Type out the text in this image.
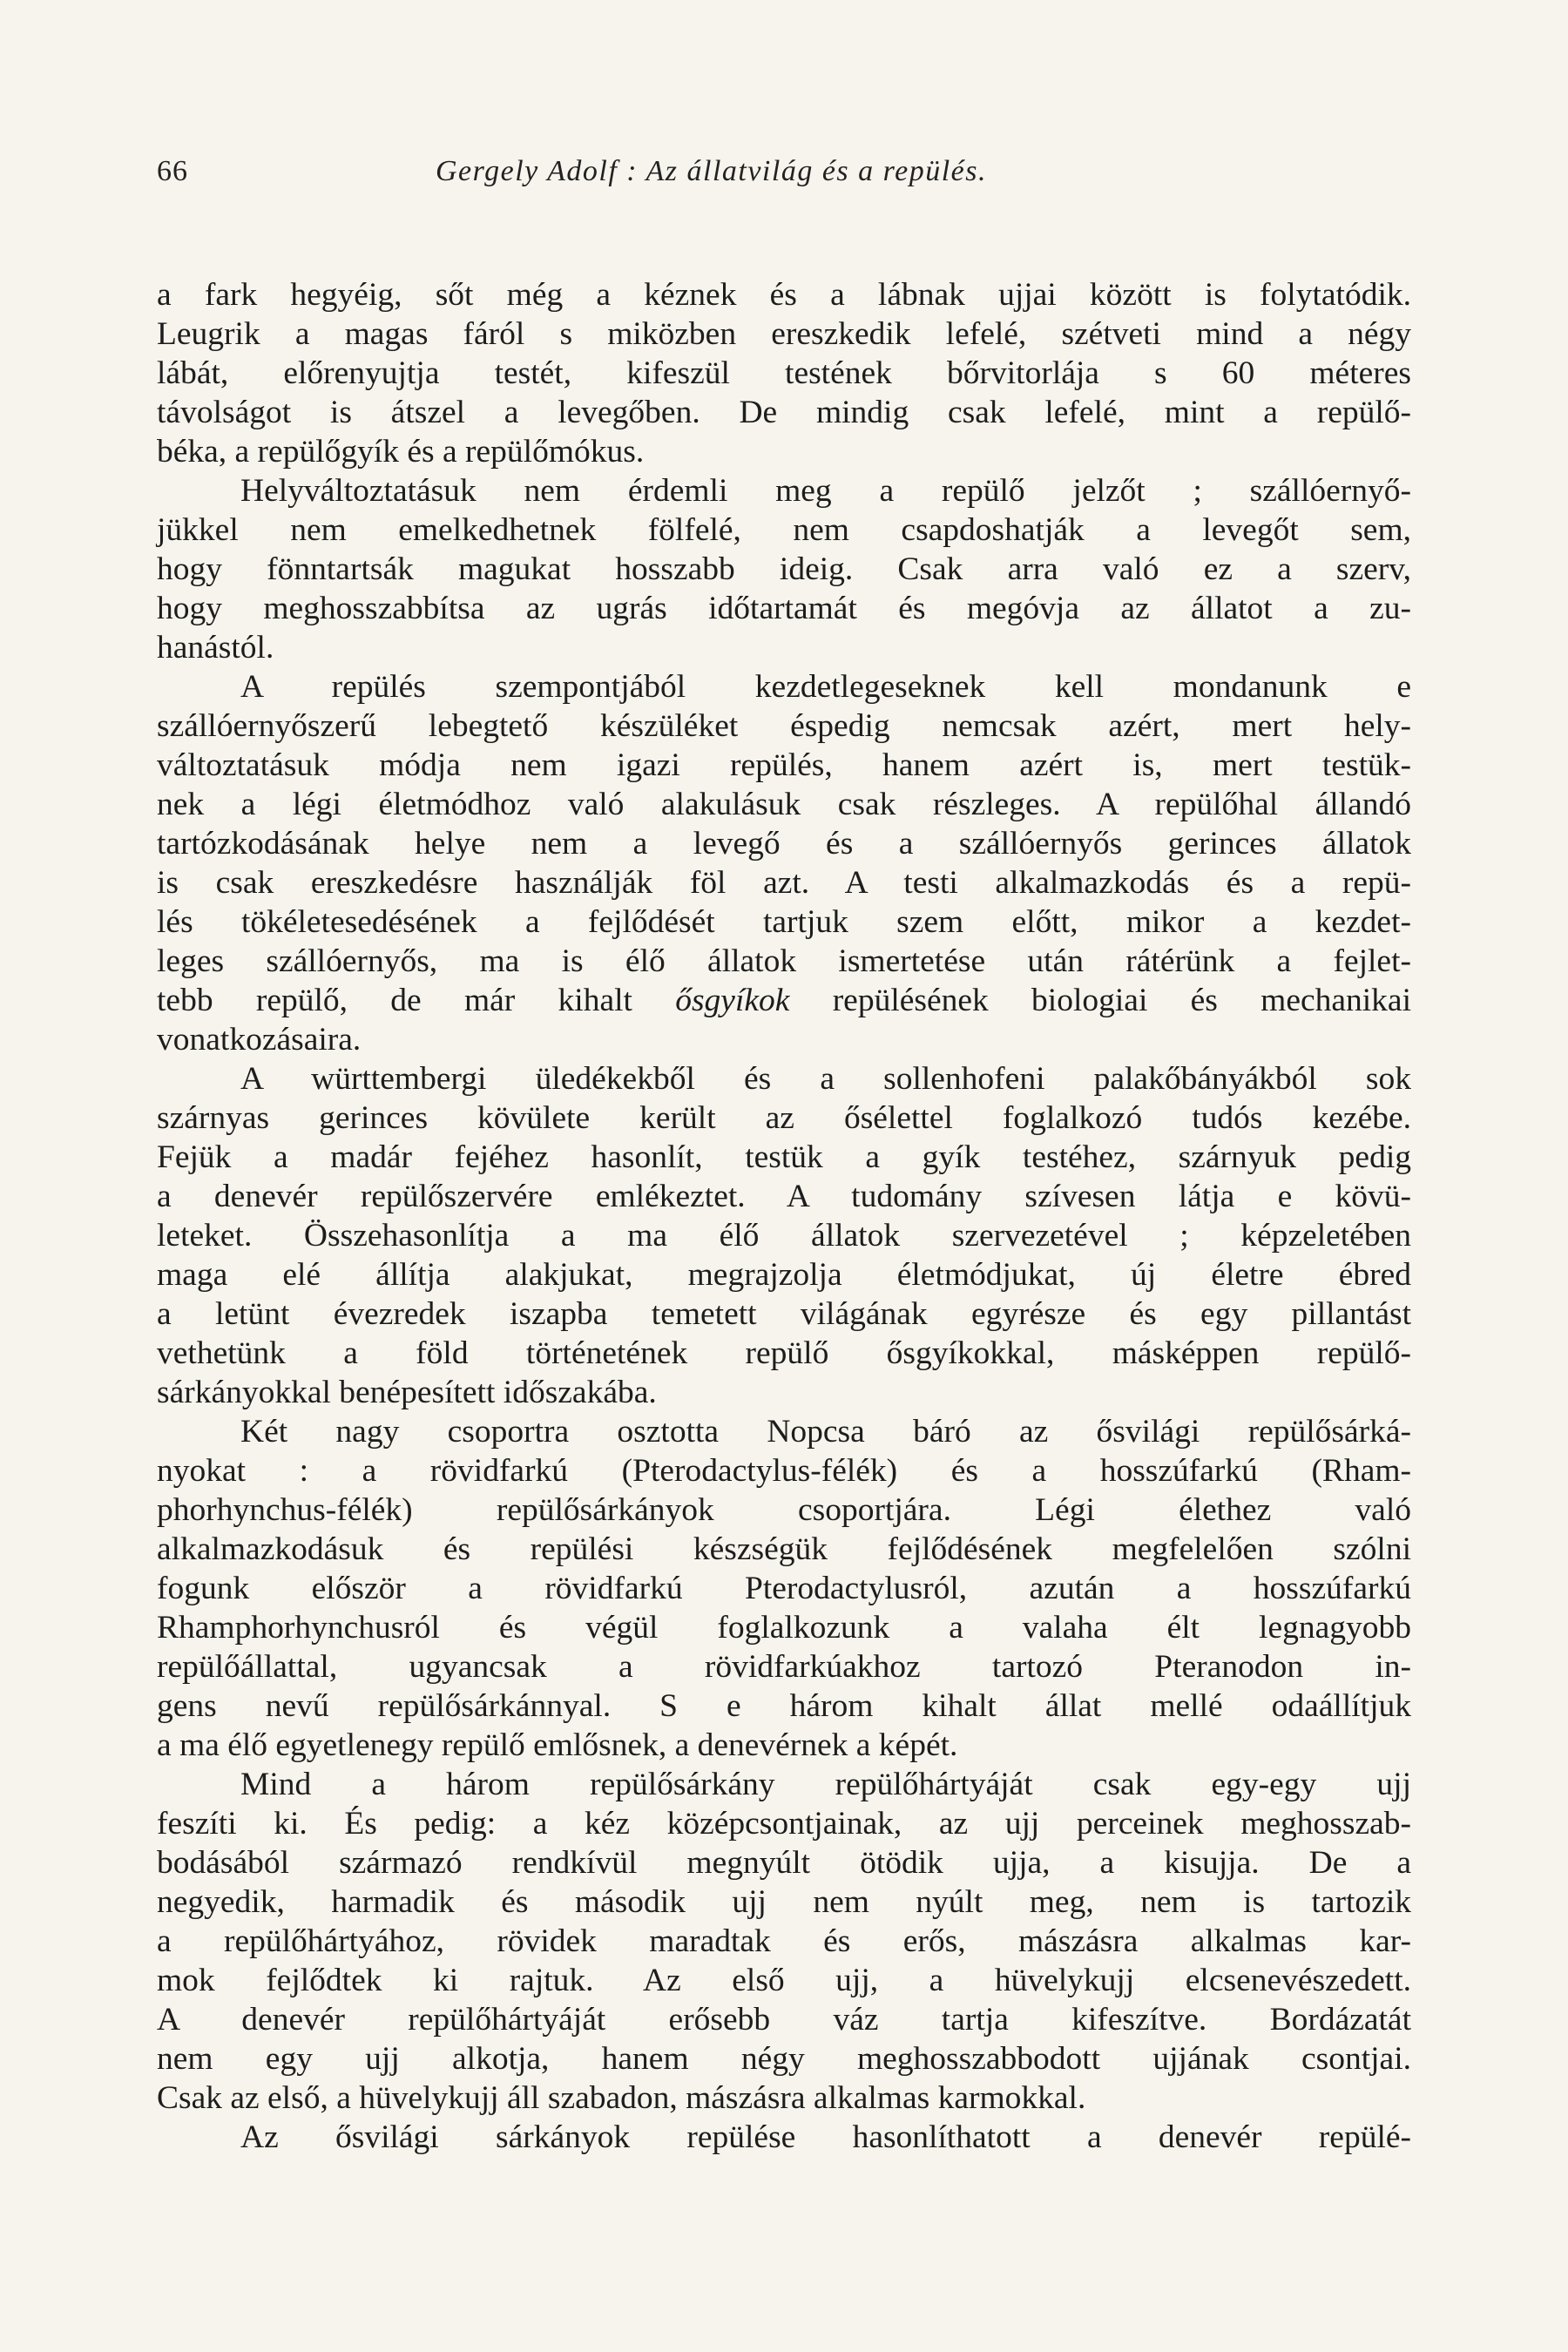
66	Gergely Adolf : Az állatvilág és a repülés.
a fark hegyéig, sőt még a kéznek és a lábnak ujjai között is folytatódik.
Leugrik a magas fáról s miközben ereszkedik lefelé, szétveti mind a négy
lábát, előrenyujtja testét, kifeszül testének bőrvitorlája s 60 méteres
távolságot is átszel a levegőben. De mindig csak lefelé, mint a repülő-
béka, a repülőgyík és a repülőmókus.
Helyváltoztatásuk nem érdemli meg a repülő jelzőt ; szállóernyő-
jükkel nem emelkedhetnek fölfelé, nem csapdoshatják a levegőt sem,
hogy fönntartsák magukat hosszabb ideig. Csak arra való ez a szerv,
hogy meghosszabbítsa az ugrás időtartamát és megóvja az állatot a zu-
hanástól.
A repülés szempontjából kezdetlegeseknek kell mondanunk e
szállóernyőszerű lebegtető készüléket éspedig nemcsak azért, mert hely-
változtatásuk módja nem igazi repülés, hanem azért is, mert testük-
nek a légi életmódhoz való alakulásuk csak részleges. A repülőhal állandó
tartózkodásának helye nem a levegő és a szállóernyős gerinces állatok
is csak ereszkedésre használják föl azt. A testi alkalmazkodás és a repü-
lés tökéletesedésének a fejlődését tartjuk szem előtt, mikor a kezdet-
leges szállóernyős, ma is élő állatok ismertetése után rátérünk a fejlet-
tebb repülő, de már kihalt ősgyíkok repülésének biologiai és mechanikai
vonatkozásaira.
A württembergi üledékekből és a sollenhofeni palakőbányákból sok
szárnyas gerinces kövülete került az ősélettel foglalkozó tudós kezébe.
Fejük a madár fejéhez hasonlít, testük a gyík testéhez, szárnyuk pedig
a denevér repülőszervére emlékeztet. A tudomány szívesen látja e kövü-
leteket. Összehasonlítja a ma élő állatok szervezetével ; képzeletében
maga elé állítja alakjukat, megrajzolja életmódjukat, új életre ébred
a letünt évezredek iszapba temetett világának egyrésze és egy pillantást
vethetünk a föld történetének repülő ősgyíkokkal, másképpen repülő-
sárkányokkal benépesített időszakába.
Két nagy csoportra osztotta Nopcsa báró az ősvilági repülősárká-
nyokat : a rövidfarkú (Pterodactylus-félék) és a hosszúfarkú (Rham-
phorhynchus-félék) repülősárkányok csoportjára. Légi élethez való
alkalmazkodásuk és repülési készségük fejlődésének megfelelően szólni
fogunk először a rövidfarkú Pterodactylusról, azután a hosszúfarkú
Rhamphorhynchusról és végül foglalkozunk a valaha élt legnagyobb
repülőállattal, ugyancsak a rövidfarkúakhoz tartozó Pteranodon in-
gens nevű repülősárkánnyal. S e három kihalt állat mellé odaállítjuk
a ma élő egyetlenegy repülő emlősnek, a denevérnek a képét.
Mind a három repülősárkány repülőhártyáját csak egy-egy ujj
feszíti ki. És pedig: a kéz középcsontjainak, az ujj perceinek meghosszab-
bodásából származó rendkívül megnyúlt ötödik ujja, a kisujja. De a
negyedik, harmadik és második ujj nem nyúlt meg, nem is tartozik
a repülőhártyához, rövidek maradtak és erős, mászásra alkalmas kar-
mok fejlődtek ki rajtuk. Az első ujj, a hüvelykujj elcsenevészedett.
A denevér repülőhártyáját erősebb váz tartja kifeszítve. Bordázatát
nem egy ujj alkotja, hanem négy meghosszabbodott ujjának csontjai.
Csak az első, a hüvelykujj áll szabadon, mászásra alkalmas karmokkal.
Az ősvilági sárkányok repülése hasonlíthatott a denevér repülé-
